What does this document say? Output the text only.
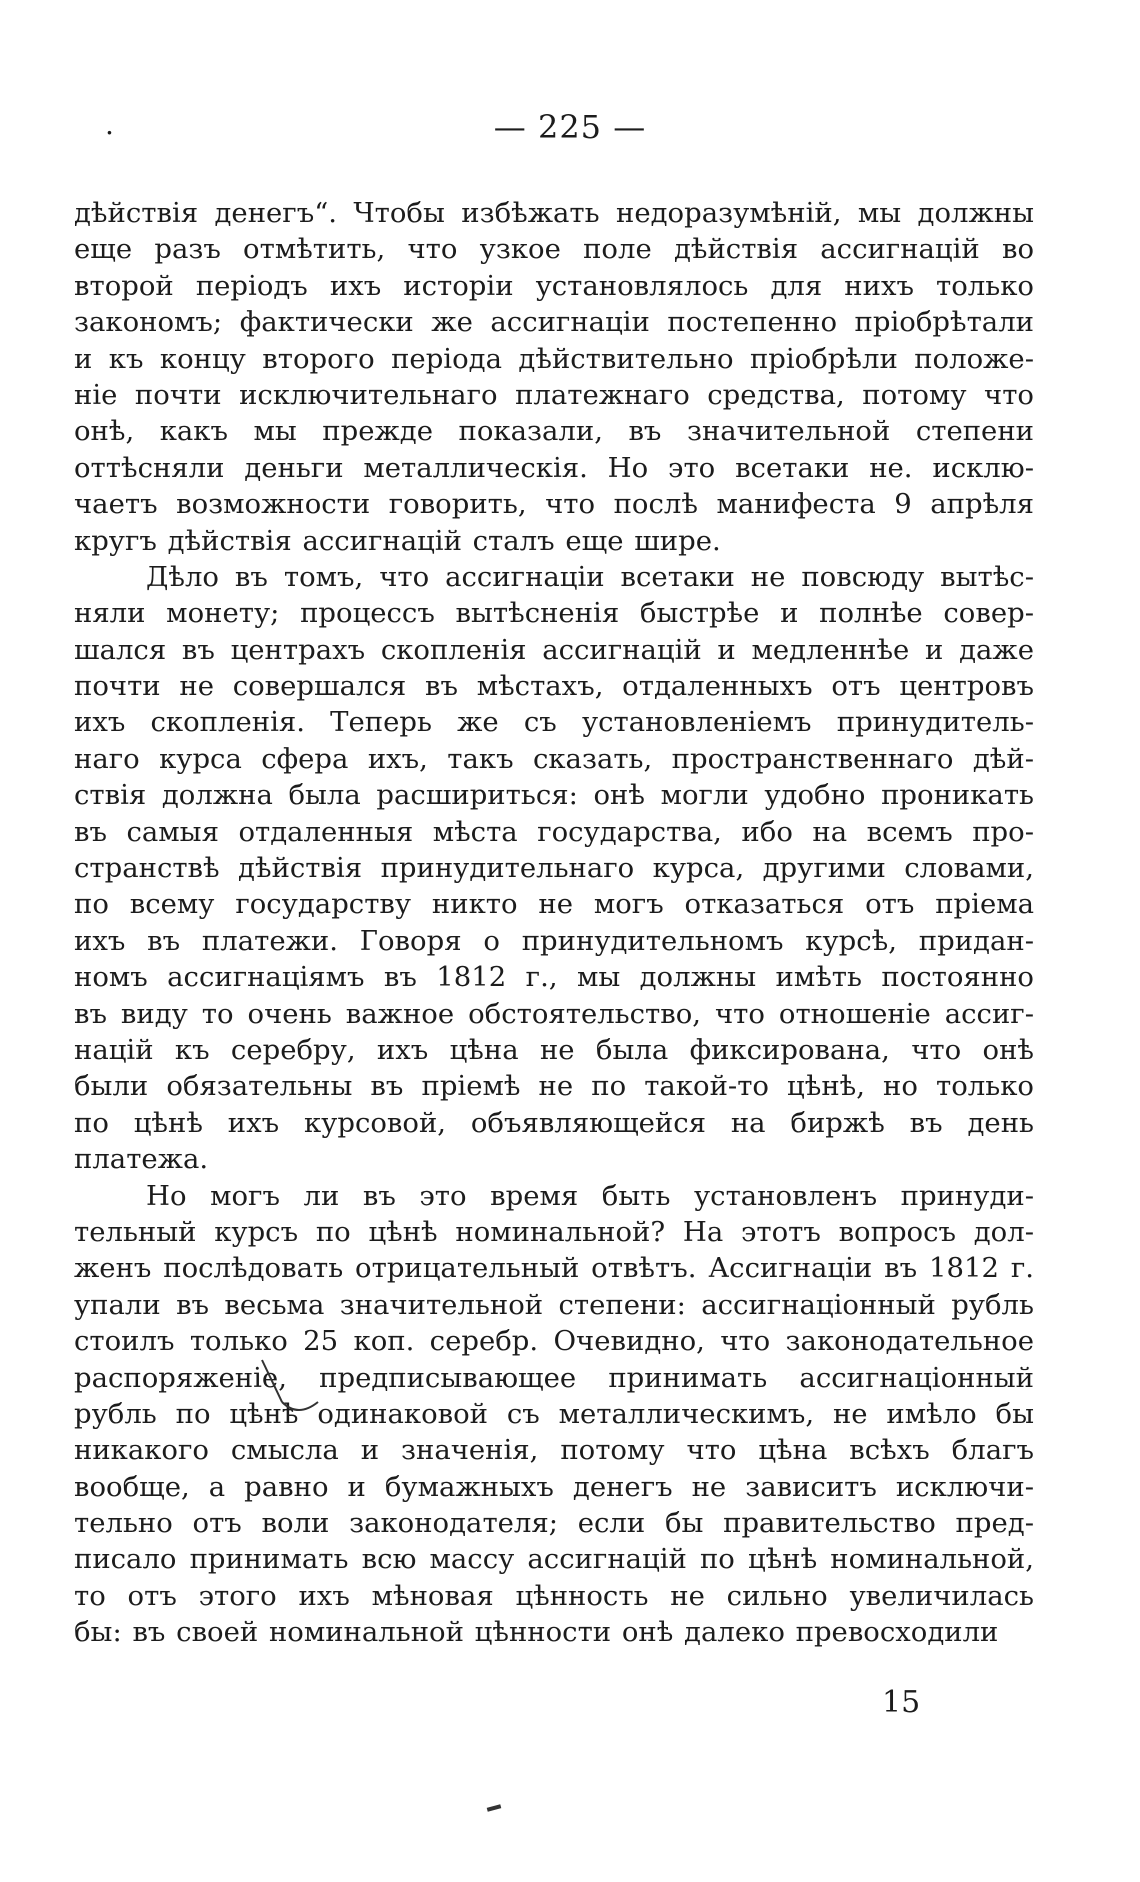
.	— 225 —
дѣйствія денегъ“. Чтобы избѣжать недоразумѣній, мы должны
еще разъ отмѣтить, что узкое поле дѣйствія ассигнацій во
второй періодъ ихъ исторіи установлялось для нихъ только
закономъ; фактически же ассигнаціи постепенно пріобрѣтали
и къ концу второго періода дѣйствительно пріобрѣли положе-
ніе почти исключительнаго платежнаго средства, потому что
онѣ, какъ мы прежде показали, въ значительной степени
оттѣсняли деньги металлическія. Но это всетаки не. исклю-
чаетъ возможности говорить, что послѣ манифеста 9 апрѣля
кругъ дѣйствія ассигнацій сталъ еще шире.
Дѣло въ томъ, что ассигнаціи всетаки не повсюду вытѣс-
няли монету; процессъ вытѣсненія быстрѣе и полнѣе совер-
шался въ центрахъ скопленія ассигнацій и медленнѣе и даже
почти не совершался въ мѣстахъ, отдаленныхъ отъ центровъ
ихъ скопленія. Теперь же съ установленіемъ принудитель-
наго курса сфера ихъ, такъ сказать, пространственнаго дѣй-
ствія должна была расшириться: онѣ могли удобно проникать
въ самыя отдаленныя мѣста государства, ибо на всемъ про-
странствѣ дѣйствія принудительнаго курса, другими словами,
по всему государству никто не могъ отказаться отъ пріема
ихъ въ платежи. Говоря о принудительномъ курсѣ, придан-
номъ ассигнаціямъ въ 1812 г., мы должны имѣть постоянно
въ виду то очень важное обстоятельство, что отношеніе ассиг-
націй къ серебру, ихъ цѣна не была фиксирована, что онѣ
были обязательны въ пріемѣ не по такой-то цѣнѣ, но только
по цѣнѣ ихъ курсовой, объявляющейся на биржѣ въ день
платежа.
Но могъ ли въ это время быть установленъ принуди-
тельный курсъ по цѣнѣ номинальной? На этотъ вопросъ дол-
женъ послѣдовать отрицательный отвѣтъ. Ассигнаціи въ 1812 г.
упали въ весьма значительной степени: ассигнаціонный рубль
стоилъ только 25 коп. серебр. Очевидно, что законодательное
распоряженіе, предписывающее принимать ассигнаціонный
рубль по цѣнѣ одинаковой съ металлическимъ, не имѣло бы
никакого смысла и значенія, потому что цѣна всѣхъ благъ
вообще, а равно и бумажныхъ денегъ не зависитъ исключи-
тельно отъ воли законодателя; если бы правительство пред-
писало принимать всю массу ассигнацій по цѣнѣ номинальной,
то отъ этого ихъ мѣновая цѣнность не сильно увеличилась
бы: въ своей номинальной цѣнности онѣ далеко превосходили
15
